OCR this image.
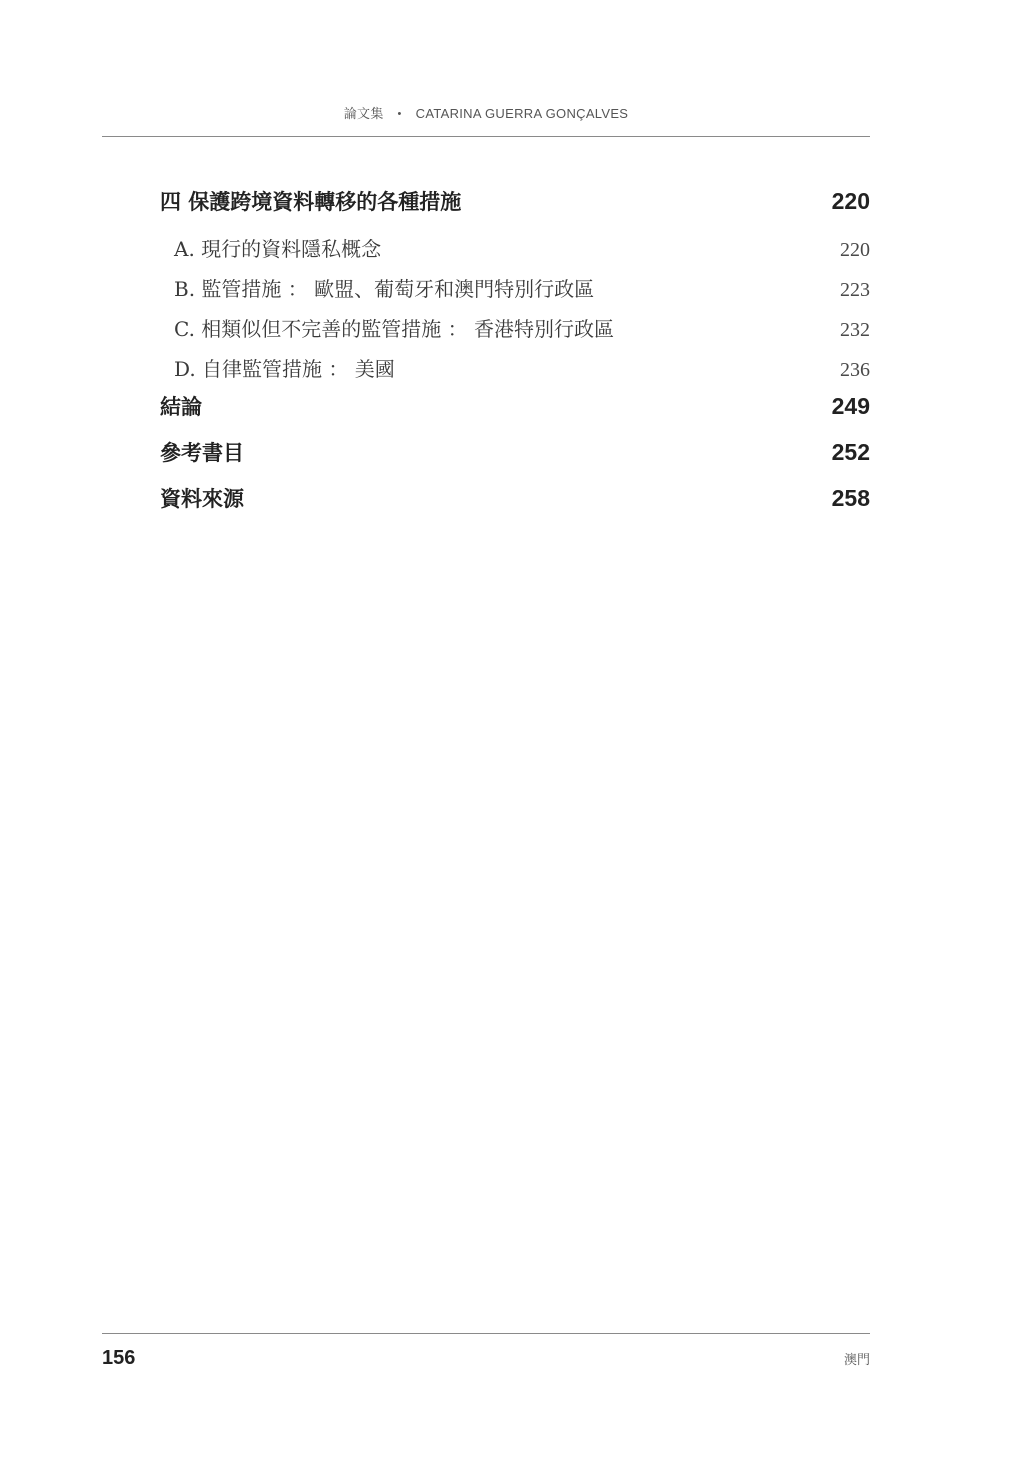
論文集 • CATARINA GUERRA GONÇALVES
四 保護跨境資料轉移的各種措施	220
A. 現行的資料隱私概念	220
B. 監管措施 ： 歐盟、葡萄牙和澳門特別行政區	223
C. 相類似但不完善的監管措施 ： 香港特別行政區	232
D. 自律監管措施 ： 美國	236
結論	249
參考書目	252
資料來源	258
156	澳門
